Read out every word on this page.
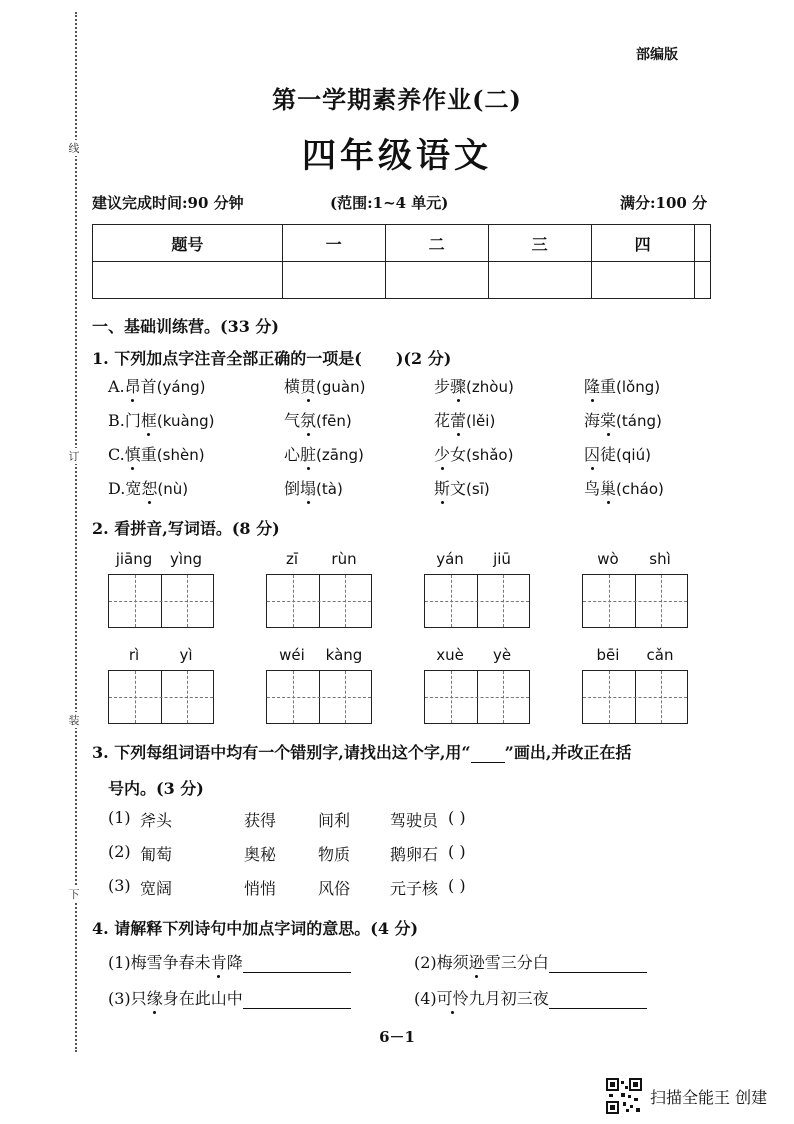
线
订
装
下
部编版
第一学期素养作业(二)
四年级语文
建议完成时间:90 分钟	(范围:1~4 单元)	满分:100 分
题号	一	二	三	四	

一、基础训练营。(33 分)
1. 下列加点字注音全部正确的一项是( )(2 分)
A.昂首(yáng)	横贯(guàn)	步骤(zhòu)	隆重(lǒng)
B.门框(kuàng)	气氛(fēn)	花蕾(lěi)	海棠(táng)
C.慎重(shèn)	心脏(zāng)	少女(shǎo)	囚徒(qiú)
D.宽恕(nù)	倒塌(tà)	斯文(sī)	鸟巢(cháo)
2. 看拼音,写词语。(8 分)
jiāng	yìng	zī	rùn	yán	jiū	wò	shì
rì	yì	wéi	kàng	xuè	yè	bēi	cǎn
3. 下列每组词语中均有一个错别字,请找出这个字,用“ ”画出,并改正在括
号内。(3 分)
(1) 斧头	获得	间利 驾驶员 ( )
(2) 匍萄	奥秘	物质 鹅卵石 ( )
(3) 宽阔	悄悄	风俗 元子核 ( )
4. 请解释下列诗句中加点字词的意思。(4 分)
(1)梅雪争春未肯降	(2)梅须逊雪三分白
(3)只缘身在此山中	(4)可怜九月初三夜
6－1
扫描全能王 创建
